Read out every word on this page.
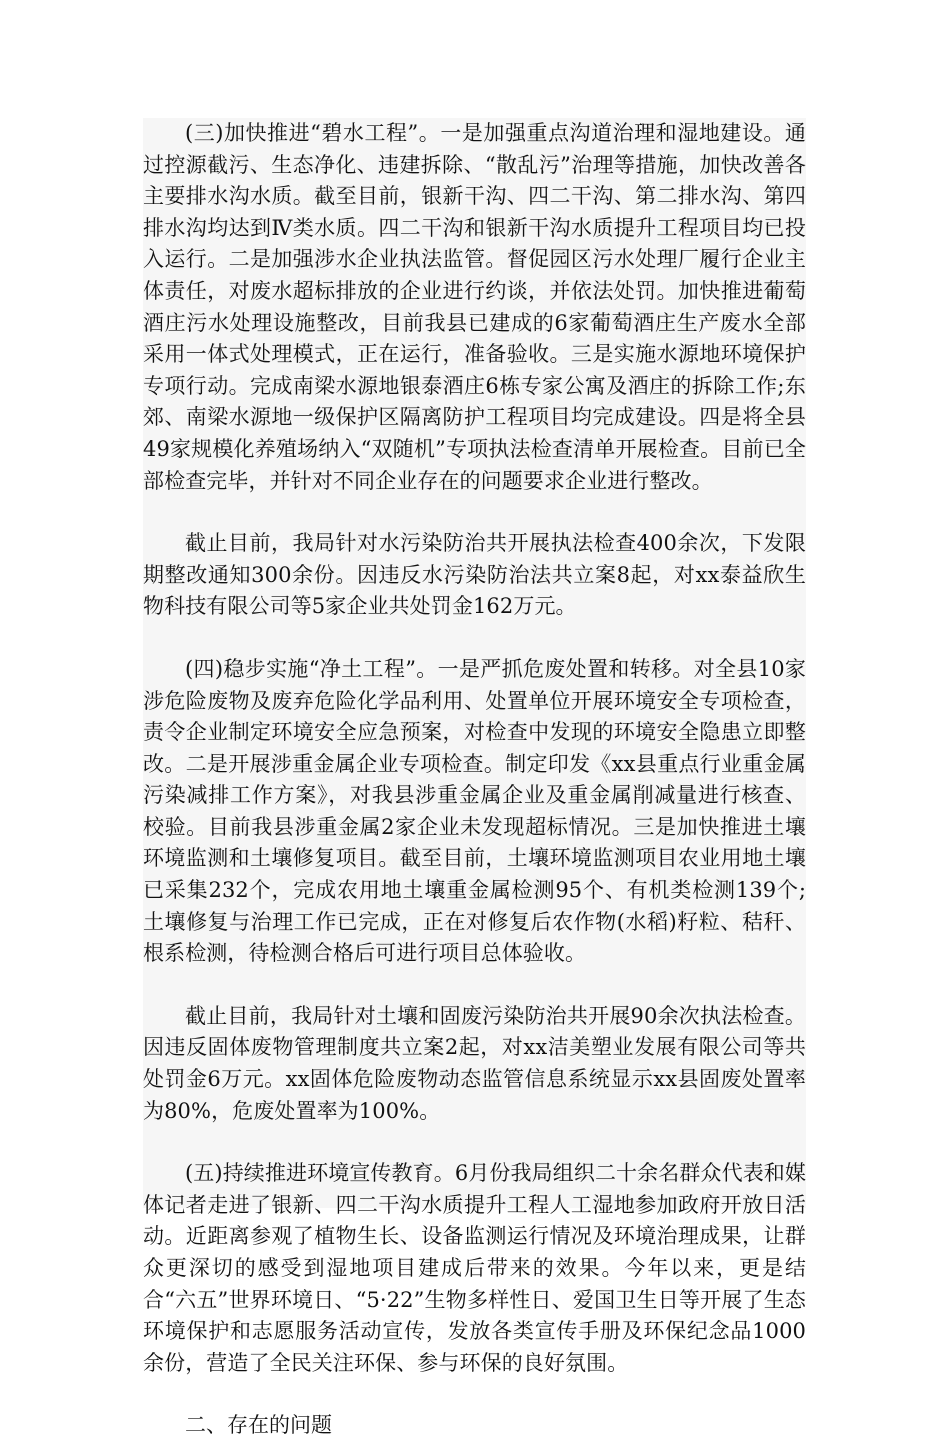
(三)加快推进“碧水工程”。一是加强重点沟道治理和湿地建设。通过控源截污、生态净化、违建拆除、“散乱污”治理等措施，加快改善各主要排水沟水质。截至目前，银新干沟、四二干沟、第二排水沟、第四排水沟均达到Ⅳ类水质。四二干沟和银新干沟水质提升工程项目均已投入运行。二是加强涉水企业执法监管。督促园区污水处理厂履行企业主体责任，对废水超标排放的企业进行约谈，并依法处罚。加快推进葡萄酒庄污水处理设施整改，目前我县已建成的6家葡萄酒庄生产废水全部采用一体式处理模式，正在运行，准备验收。三是实施水源地环境保护专项行动。完成南梁水源地银泰酒庄6栋专家公寓及酒庄的拆除工作;东郊、南梁水源地一级保护区隔离防护工程项目均完成建设。四是将全县49家规模化养殖场纳入“双随机”专项执法检查清单开展检查。目前已全部检查完毕，并针对不同企业存在的问题要求企业进行整改。

截止目前，我局针对水污染防治共开展执法检查400余次，下发限期整改通知300余份。因违反水污染防治法共立案8起，对xx泰益欣生物科技有限公司等5家企业共处罚金162万元。

(四)稳步实施“净土工程”。一是严抓危废处置和转移。对全县10家涉危险废物及废弃危险化学品利用、处置单位开展环境安全专项检查，责令企业制定环境安全应急预案，对检查中发现的环境安全隐患立即整改。二是开展涉重金属企业专项检查。制定印发《xx县重点行业重金属污染减排工作方案》，对我县涉重金属企业及重金属削减量进行核查、校验。目前我县涉重金属2家企业未发现超标情况。三是加快推进土壤环境监测和土壤修复项目。截至目前，土壤环境监测项目农业用地土壤已采集232个，完成农用地土壤重金属检测95个、有机类检测139个;土壤修复与治理工作已完成，正在对修复后农作物(水稻)籽粒、秸秆、根系检测，待检测合格后可进行项目总体验收。

截止目前，我局针对土壤和固废污染防治共开展90余次执法检查。因违反固体废物管理制度共立案2起，对xx洁美塑业发展有限公司等共处罚金6万元。xx固体危险废物动态监管信息系统显示xx县固废处置率为80%，危废处置率为100%。

(五)持续推进环境宣传教育。6月份我局组织二十余名群众代表和媒体记者走进了银新、四二干沟水质提升工程人工湿地参加政府开放日活动。近距离参观了植物生长、设备监测运行情况及环境治理成果，让群众更深切的感受到湿地项目建成后带来的效果。今年以来，更是结合“六五”世界环境日、“5·22”生物多样性日、爱国卫生日等开展了生态环境保护和志愿服务活动宣传，发放各类宣传手册及环保纪念品1000余份，营造了全民关注环保、参与环保的良好氛围。

二、存在的问题
